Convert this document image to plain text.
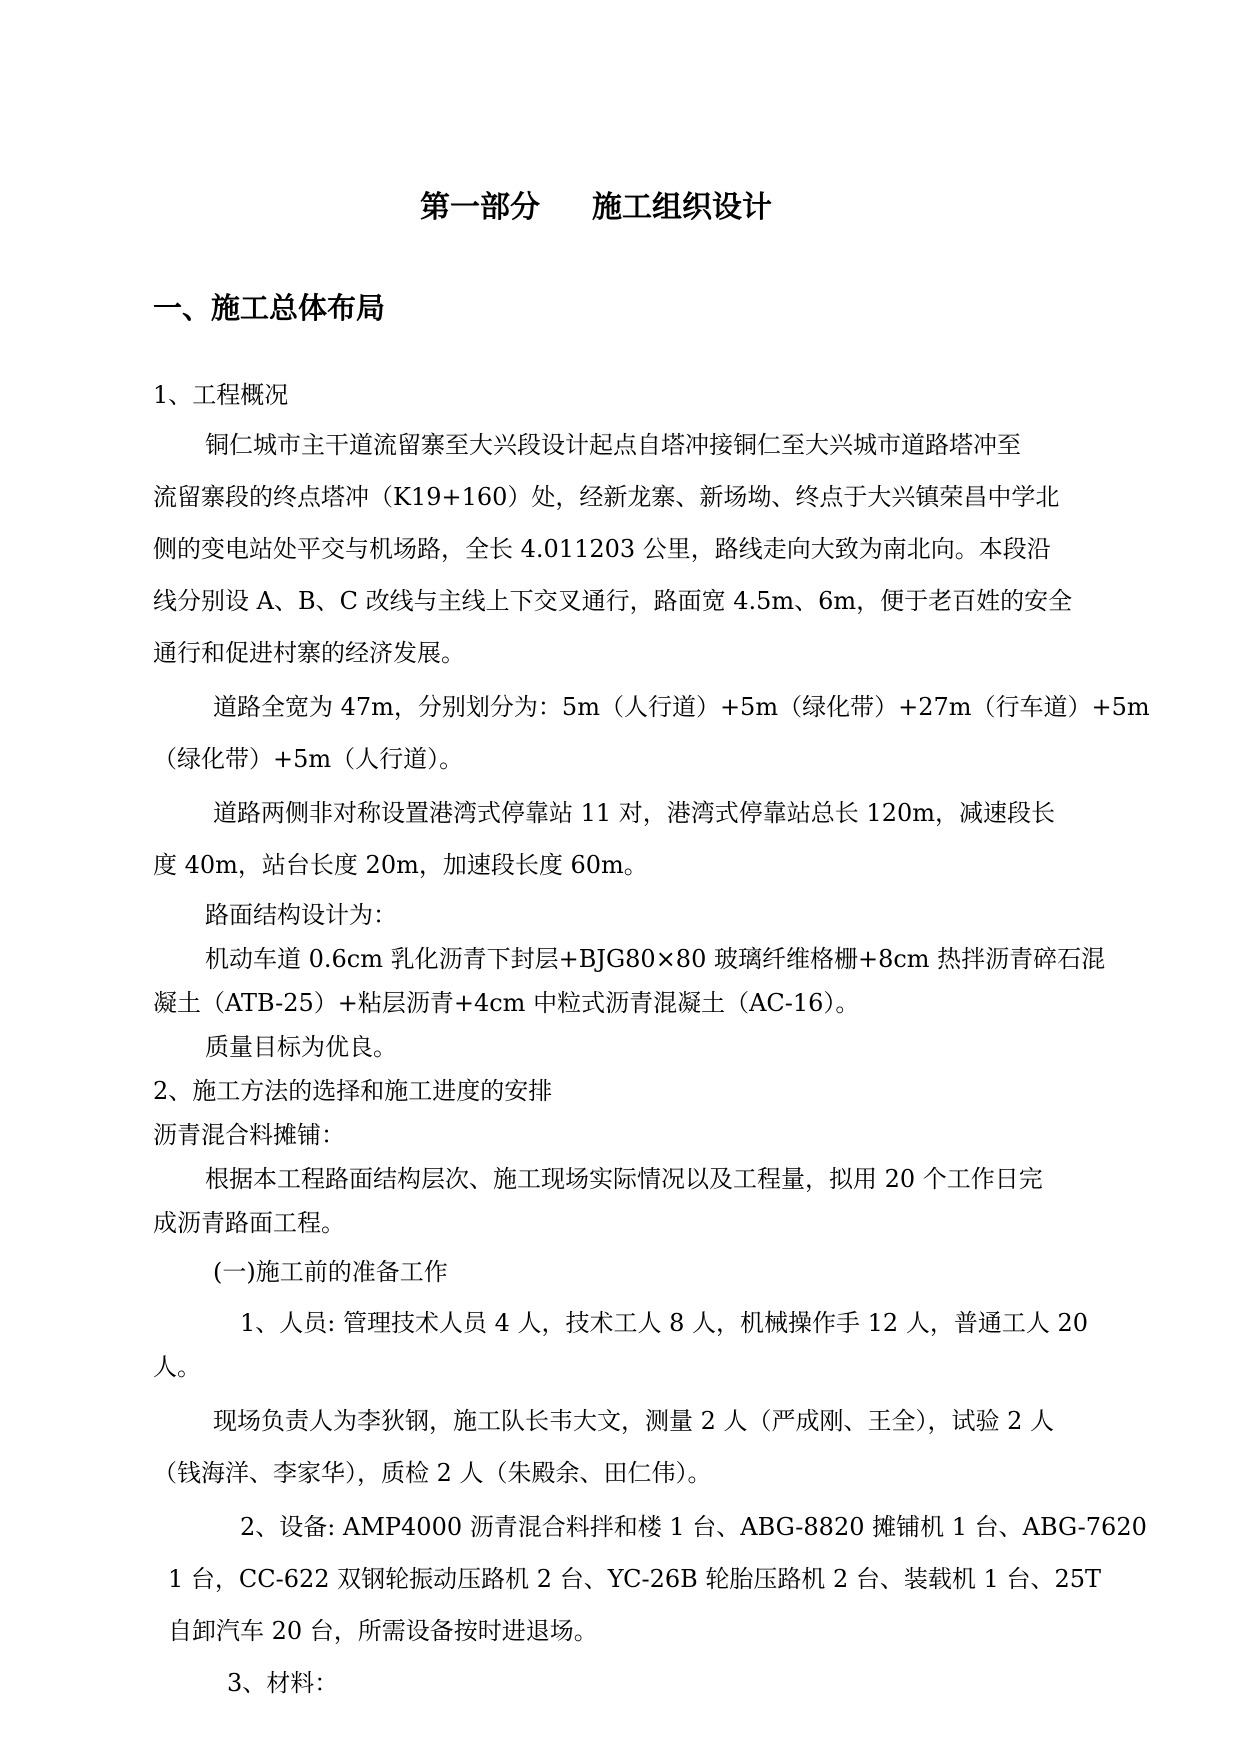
第一部分 施工组织设计
一、施工总体布局
1、工程概况
铜仁城市主干道流留寨至大兴段设计起点自塔冲接铜仁至大兴城市道路塔冲至
流留寨段的终点塔冲（K19+160）处，经新龙寨、新场坳、终点于大兴镇荣昌中学北
侧的变电站处平交与机场路，全长 4.011203 公里，路线走向大致为南北向。本段沿
线分别设 A、B、C 改线与主线上下交叉通行，路面宽 4.5m、6m，便于老百姓的安全
通行和促进村寨的经济发展。
道路全宽为 47m，分别划分为：5m（人行道）+5m（绿化带）+27m（行车道）+5m
（绿化带）+5m（人行道）。
道路两侧非对称设置港湾式停靠站 11 对，港湾式停靠站总长 120m，减速段长
度 40m，站台长度 20m，加速段长度 60m。
路面结构设计为：
机动车道 0.6cm 乳化沥青下封层+BJG80×80 玻璃纤维格栅+8cm 热拌沥青碎石混
凝土（ATB-25）+粘层沥青+4cm 中粒式沥青混凝土（AC-16）。
质量目标为优良。
2、施工方法的选择和施工进度的安排
沥青混合料摊铺：
根据本工程路面结构层次、施工现场实际情况以及工程量，拟用 20 个工作日完
成沥青路面工程。
(一)施工前的准备工作
1、人员: 管理技术人员 4 人，技术工人 8 人，机械操作手 12 人，普通工人 20
人。
现场负责人为李狄钢，施工队长韦大文，测量 2 人（严成刚、王全），试验 2 人
（钱海洋、李家华），质检 2 人（朱殿余、田仁伟）。
2、设备: AMP4000 沥青混合料拌和楼 1 台、ABG-8820 摊铺机 1 台、ABG-7620
1 台，CC-622 双钢轮振动压路机 2 台、YC-26B 轮胎压路机 2 台、装载机 1 台、25T
自卸汽车 20 台，所需设备按时进退场。
3、材料：
